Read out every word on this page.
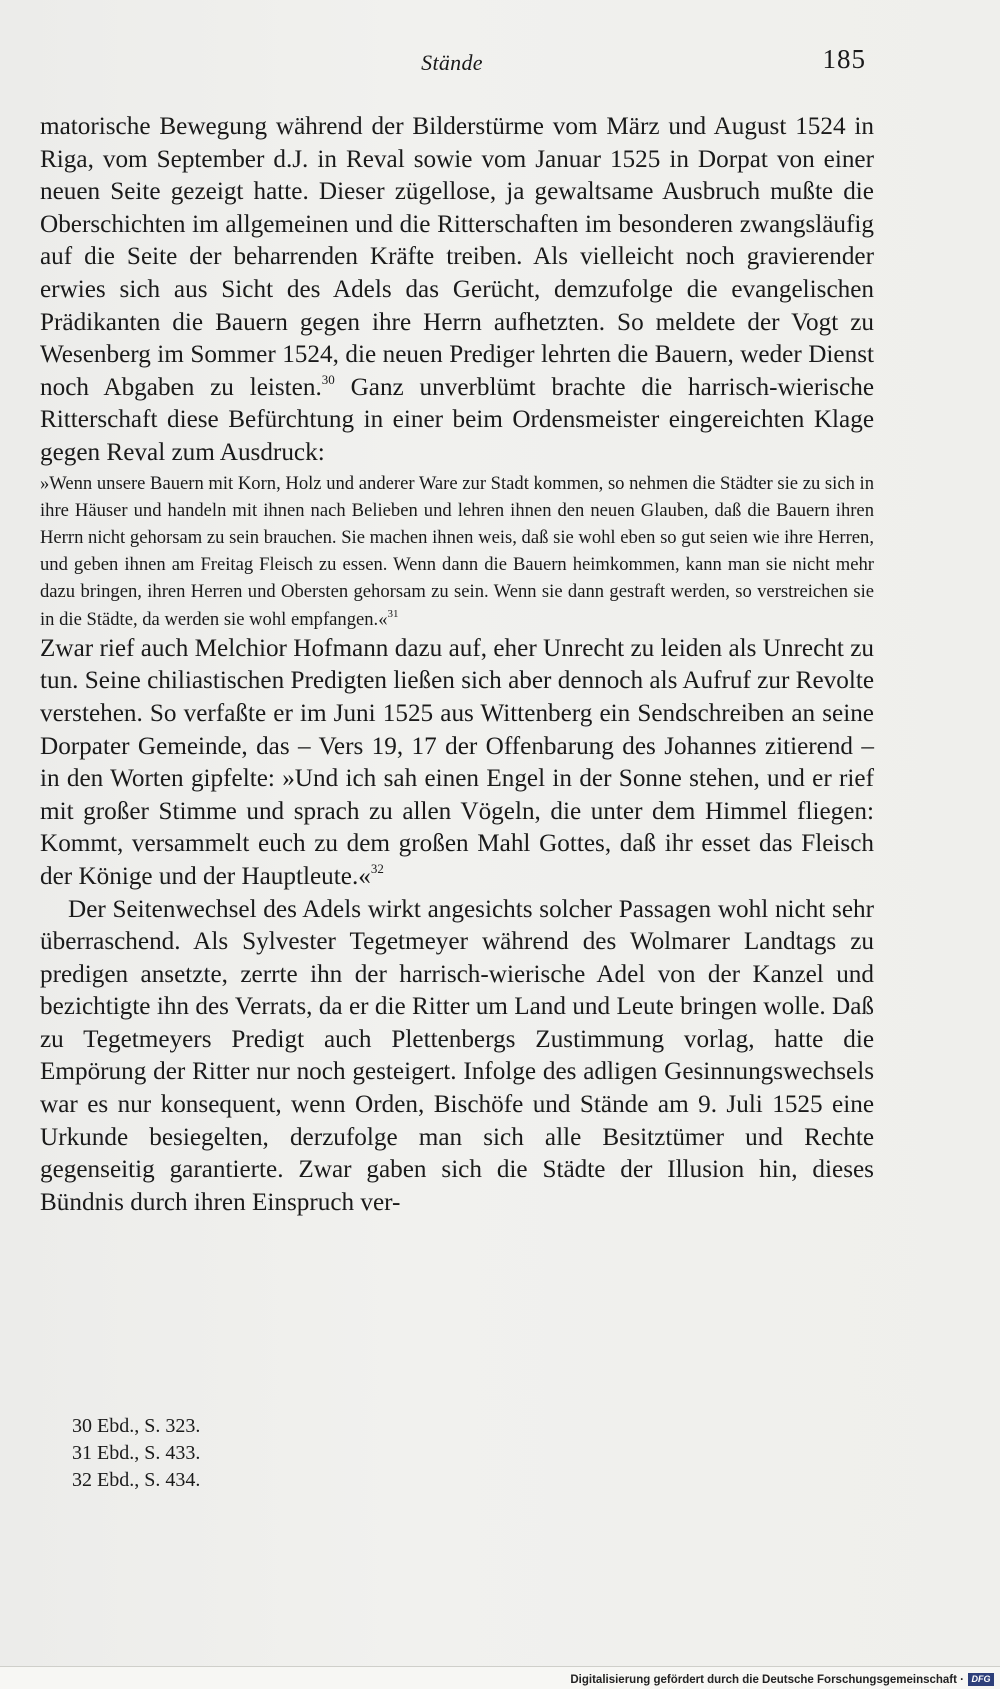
Stände	185

matorische Bewegung während der Bilderstürme vom März und August 1524 in Riga, vom September d.J. in Reval sowie vom Januar 1525 in Dorpat von einer neuen Seite gezeigt hatte. Dieser zügellose, ja gewaltsame Ausbruch mußte die Oberschichten im allgemeinen und die Ritterschaften im besonderen zwangsläufig auf die Seite der beharrenden Kräfte treiben. Als vielleicht noch gravierender erwies sich aus Sicht des Adels das Gerücht, demzufolge die evangelischen Prädikanten die Bauern gegen ihre Herrn aufhetzten. So meldete der Vogt zu Wesenberg im Sommer 1524, die neuen Prediger lehrten die Bauern, weder Dienst noch Abgaben zu leisten.$^{30}$ Ganz unverblümt brachte die harrisch-wierische Ritterschaft diese Befürchtung in einer beim Ordensmeister eingereichten Klage gegen Reval zum Ausdruck:

»Wenn unsere Bauern mit Korn, Holz und anderer Ware zur Stadt kommen, so nehmen die Städter sie zu sich in ihre Häuser und handeln mit ihnen nach Belieben und lehren ihnen den neuen Glauben, daß die Bauern ihren Herrn nicht gehorsam zu sein brauchen. Sie machen ihnen weis, daß sie wohl eben so gut seien wie ihre Herren, und geben ihnen am Freitag Fleisch zu essen. Wenn dann die Bauern heimkommen, kann man sie nicht mehr dazu bringen, ihren Herren und Obersten gehorsam zu sein. Wenn sie dann gestraft werden, so verstreichen sie in die Städte, da werden sie wohl empfangen.«$^{31}$

Zwar rief auch Melchior Hofmann dazu auf, eher Unrecht zu leiden als Unrecht zu tun. Seine chiliastischen Predigten ließen sich aber dennoch als Aufruf zur Revolte verstehen. So verfaßte er im Juni 1525 aus Wittenberg ein Sendschreiben an seine Dorpater Gemeinde, das – Vers 19, 17 der Offenbarung des Johannes zitierend – in den Worten gipfelte: »Und ich sah einen Engel in der Sonne stehen, und er rief mit großer Stimme und sprach zu allen Vögeln, die unter dem Himmel fliegen: Kommt, versammelt euch zu dem großen Mahl Gottes, daß ihr esset das Fleisch der Könige und der Hauptleute.«$^{32}$

Der Seitenwechsel des Adels wirkt angesichts solcher Passagen wohl nicht sehr überraschend. Als Sylvester Tegetmeyer während des Wolmarer Landtags zu predigen ansetzte, zerrte ihn der harrisch-wierische Adel von der Kanzel und bezichtigte ihn des Verrats, da er die Ritter um Land und Leute bringen wolle. Daß zu Tegetmeyers Predigt auch Plettenbergs Zustimmung vorlag, hatte die Empörung der Ritter nur noch gesteigert. Infolge des adligen Gesinnungswechsels war es nur konsequent, wenn Orden, Bischöfe und Stände am 9. Juli 1525 eine Urkunde besiegelten, derzufolge man sich alle Besitztümer und Rechte gegenseitig garantierte. Zwar gaben sich die Städte der Illusion hin, dieses Bündnis durch ihren Einspruch ver-

30 Ebd., S. 323.
31 Ebd., S. 433.
32 Ebd., S. 434.
Digitalisierung gefördert durch die Deutsche Forschungsgemeinschaft · DFG
